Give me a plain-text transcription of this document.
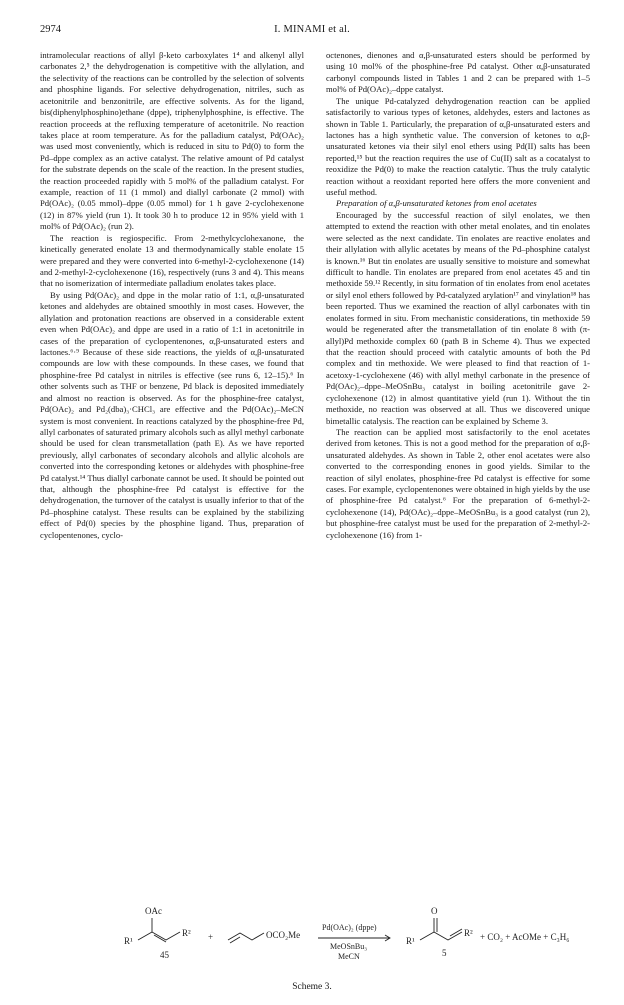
2974	I. MINAMI et al.

intramolecular reactions of allyl β-keto carboxylates 1⁴ and alkenyl allyl carbonates 2,⁵ the dehydrogenation is competitive with the allylation, and the selectivity of the reactions can be controlled by the selection of solvents and phosphine ligands. For selective dehydrogenation, nitriles, such as acetonitrile and benzonitrile, are effective solvents. As for the ligand, bis(diphenylphosphino)ethane (dppe), triphenylphosphine, is effective. The reaction proceeds at the refluxing temperature of acetonitrile. No reaction takes place at room temperature. As for the palladium catalyst, Pd(OAc)₂ was used most conveniently, which is reduced in situ to Pd(0) to form the Pd–dppe complex as an active catalyst. The relative amount of Pd catalyst for the substrate depends on the scale of the reaction. In the present studies, the reaction proceeded rapidly with 5 mol% of the palladium catalyst. For example, reaction of 11 (1 mmol) and diallyl carbonate (2 mmol) with Pd(OAc)₂ (0.05 mmol)–dppe (0.05 mmol) for 1 h gave 2-cyclohexenone (12) in 87% yield (run 1). It took 30 h to produce 12 in 95% yield with 1 mol% of Pd(OAc)₂ (run 2).

The reaction is regiospecific. From 2-methylcyclohexanone, the kinetically generated enolate 13 and thermodynamically stable enolate 15 were prepared and they were converted into 6-methyl-2-cyclohexenone (14) and 2-methyl-2-cyclohexenone (16), respectively (runs 3 and 4). This means that no isomerization of intermediate palladium enolates takes place.

By using Pd(OAc)₂ and dppe in the molar ratio of 1:1, α,β-unsaturated ketones and aldehydes are obtained smoothly in most cases. However, the allylation and protonation reactions are observed in a considerable extent even when Pd(OAc)₂ and dppe are used in a ratio of 1:1 in acetonitrile in cases of the preparation of cyclopentenones, α,β-unsaturated esters and lactones.⁶·⁹ Because of these side reactions, the yields of α,β-unsaturated compounds are low with these compounds. In these cases, we found that phosphine-free Pd catalyst in nitriles is effective (see runs 6, 12–15).⁶ In other solvents such as THF or benzene, Pd black is deposited immediately and almost no reaction is observed. As for the phosphine-free catalyst, Pd(OAc)₂ and Pd₂(dba)₃·CHCl₃ are effective and the Pd(OAc)₂–MeCN system is most convenient. In reactions catalyzed by the phosphine-free Pd, allyl carbonates of saturated primary alcohols such as allyl methyl carbonate should be used for clean transmetallation (path E). As we have reported previously, allyl carbonates of secondary alcohols and allylic alcohols are converted into the corresponding ketones or aldehydes with phosphine-free Pd catalyst.¹⁴ Thus diallyl carbonate cannot be used. It should be pointed out that, although the phosphine-free Pd catalyst is effective for the dehydrogenation, the turnover of the catalyst is usually inferior to that of the Pd–phosphine catalyst. These results can be explained by the stabilizing effect of Pd(0) species by the phosphine ligand. Thus, preparation of cyclopentenones, cyclo-

octenones, dienones and α,β-unsaturated esters should be performed by using 10 mol% of the phosphine-free Pd catalyst. Other α,β-unsaturated carbonyl compounds listed in Tables 1 and 2 can be prepared with 1–5 mol% of Pd(OAc)₂–dppe catalyst.

The unique Pd-catalyzed dehydrogenation reaction can be applied satisfactorily to various types of ketones, aldehydes, esters and lactones as shown in Table 1. Particularly, the preparation of α,β-unsaturated esters and lactones has a high synthetic value. The conversion of ketones to α,β-unsaturated ketones via their silyl enol ethers using Pd(II) salts has been reported,¹⁵ but the reaction requires the use of Cu(II) salt as a cocatalyst to reoxidize the Pd(0) to make the reaction catalytic. Thus the truly catalytic reaction without a reoxidant reported here offers the more convenient and useful method.

Preparation of α,β-unsaturated ketones from enol acetates

Encouraged by the successful reaction of silyl enolates, we then attempted to extend the reaction with other metal enolates, and tin enolates were selected as the next candidate. Tin enolates are reactive enolates and their allylation with allylic acetates by means of the Pd–phosphine catalyst is known.¹⁶ But tin enolates are usually sensitive to moisture and somewhat difficult to handle. Tin enolates are prepared from enol acetates 45 and tin methoxide 59.¹² Recently, in situ formation of tin enolates from enol acetates or silyl enol ethers followed by Pd-catalyzed arylation¹⁷ and vinylation¹⁸ has been reported. Thus we examined the reaction of allyl carbonates with tin enolates formed in situ. From mechanistic considerations, tin methoxide 59 would be regenerated after the transmetallation of tin enolate 8 with (π-allyl)Pd methoxide complex 60 (path B in Scheme 4). Thus we expected that the reaction should proceed with catalytic amounts of both the Pd complex and tin methoxide. We were pleased to find that reaction of 1-acetoxy-1-cyclohexene (46) with allyl methyl carbonate in the presence of Pd(OAc)₂–dppe–MeOSnBu₃ catalyst in boiling acetonitrile gave 2-cyclohexenone (12) in almost quantitative yield (run 1). Without the tin methoxide, no reaction was observed at all. Thus we discovered unique bimetallic catalysis. The reaction can be explained by Scheme 3.

The reaction can be applied most satisfactorily to the enol acetates derived from ketones. This is not a good method for the preparation of α,β-unsaturated aldehydes. As shown in Table 2, other enol acetates were also converted to the corresponding enones in good yields. Similar to the reaction of silyl enolates, phosphine-free Pd catalyst is effective for some cases. For example, cyclopentenones were obtained in high yields by the use of phosphine-free Pd catalyst.⁶ For the preparation of 6-methyl-2-cyclohexenone (14), Pd(OAc)₂–dppe–MeOSnBu₃ is a good catalyst (run 2), but phosphine-free catalyst must be used for the preparation of 2-methyl-2-cyclohexenone (16) from 1-

OAc
R¹
R²
45
+	OCO₂Me
Pd(OAc)₂ (dppe)
MeOSnBu₃
MeCN
O
R¹
R²
5
+ CO₂ + AcOMe + C₃H₆
Scheme 3.
